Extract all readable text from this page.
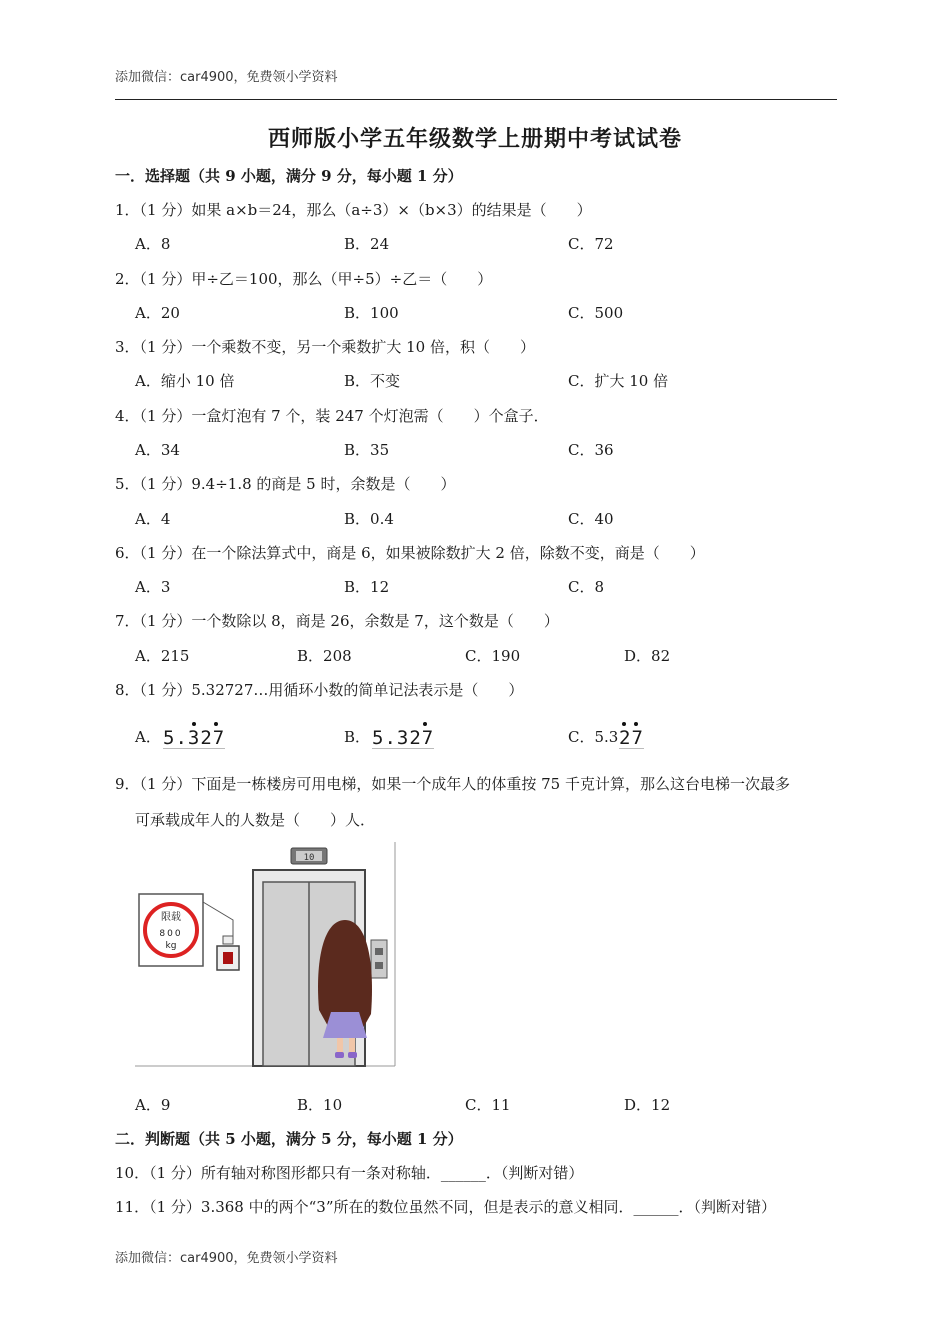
添加微信：car4900，免费领小学资料
西师版小学五年级数学上册期中考试试卷
一．选择题（共 9 小题，满分 9 分，每小题 1 分）
1．（1 分）如果 a×b＝24，那么（a÷3）×（b×3）的结果是（　　）
A．8	B．24	C．72
2．（1 分）甲÷乙＝100，那么（甲÷5）÷乙＝（　　）
A．20	B．100	C．500
3．（1 分）一个乘数不变，另一个乘数扩大 10 倍，积（　　）
A．缩小 10 倍	B．不变	C．扩大 10 倍
4．（1 分）一盒灯泡有 7 个，装 247 个灯泡需（　　）个盒子．
A．34	B．35	C．36
5．（1 分）9.4÷1.8 的商是 5 时，余数是（　　）
A．4	B．0.4	C．40
6．（1 分）在一个除法算式中，商是 6，如果被除数扩大 2 倍，除数不变，商是（　　）
A．3	B．12	C．8
7．（1 分）一个数除以 8，商是 26，余数是 7，这个数是（　　）
A．215	B．208	C．190	D．82
8．（1 分）5.32727…用循环小数的简单记法表示是（　　）
A． 5.327	B． 5.327	C．5.3 27
9．（1 分）下面是一栋楼房可用电梯，如果一个成年人的体重按 75 千克计算，那么这台电梯一次最多
可承载成年人的人数是（　　）人．
限载
800
kg
10
A．9	B．10	C．11	D．12
二．判断题（共 5 小题，满分 5 分，每小题 1 分）
10．（1 分）所有轴对称图形都只有一条对称轴．______．（判断对错）
11．（1 分）3.368 中的两个“3”所在的数位虽然不同，但是表示的意义相同．______．（判断对错）
添加微信：car4900，免费领小学资料
